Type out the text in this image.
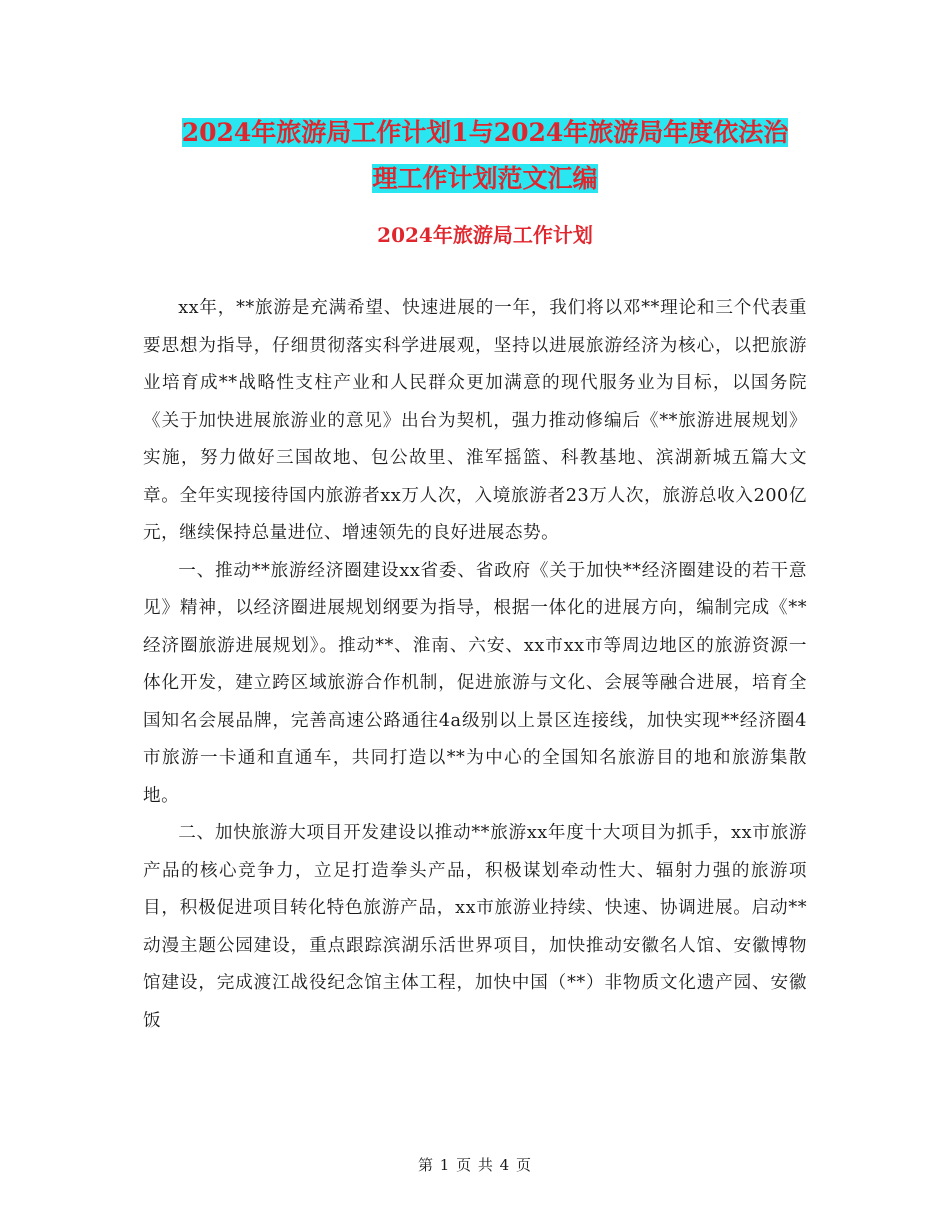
2024年旅游局工作计划1与2024年旅游局年度依法治
理工作计划范文汇编
2024年旅游局工作计划

xx年，**旅游是充满希望、快速进展的一年，我们将以邓**理论和三个代表重要思想为指导，仔细贯彻落实科学进展观，坚持以进展旅游经济为核心，以把旅游业培育成**战略性支柱产业和人民群众更加满意的现代服务业为目标，以国务院《关于加快进展旅游业的意见》出台为契机，强力推动修编后《**旅游进展规划》实施，努力做好三国故地、包公故里、淮军摇篮、科教基地、滨湖新城五篇大文章。全年实现接待国内旅游者xx万人次，入境旅游者23万人次，旅游总收入200亿元，继续保持总量进位、增速领先的良好进展态势。

一、推动**旅游经济圈建设xx省委、省政府《关于加快**经济圈建设的若干意见》精神，以经济圈进展规划纲要为指导，根据一体化的进展方向，编制完成《**经济圈旅游进展规划》。推动**、淮南、六安、xx市xx市等周边地区的旅游资源一体化开发，建立跨区域旅游合作机制，促进旅游与文化、会展等融合进展，培育全国知名会展品牌，完善高速公路通往4a级别以上景区连接线，加快实现**经济圈4市旅游一卡通和直通车，共同打造以**为中心的全国知名旅游目的地和旅游集散地。

二、加快旅游大项目开发建设以推动**旅游xx年度十大项目为抓手，xx市旅游产品的核心竞争力，立足打造拳头产品，积极谋划牵动性大、辐射力强的旅游项目，积极促进项目转化特色旅游产品，xx市旅游业持续、快速、协调进展。启动**动漫主题公园建设，重点跟踪滨湖乐活世界项目，加快推动安徽名人馆、安徽博物馆建设，完成渡江战役纪念馆主体工程，加快中国（**）非物质文化遗产园、安徽饭

第 1 页 共 4 页
